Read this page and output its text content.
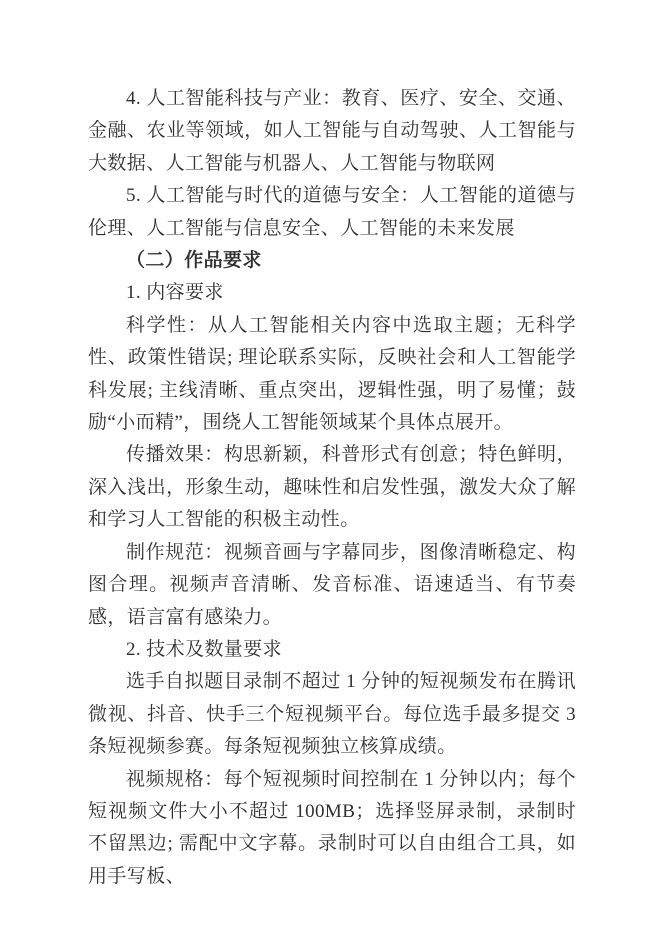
4. 人工智能科技与产业：教育、医疗、安全、交通、金融、农业等领域，如人工智能与自动驾驶、人工智能与大数据、人工智能与机器人、人工智能与物联网

5. 人工智能与时代的道德与安全：人工智能的道德与伦理、人工智能与信息安全、人工智能的未来发展

（二）作品要求

1. 内容要求

科学性：从人工智能相关内容中选取主题；无科学性、政策性错误; 理论联系实际，反映社会和人工智能学科发展; 主线清晰、重点突出，逻辑性强，明了易懂；鼓励“小而精”，围绕人工智能领域某个具体点展开。

传播效果：构思新颖，科普形式有创意；特色鲜明，深入浅出，形象生动，趣味性和启发性强，激发大众了解和学习人工智能的积极主动性。

制作规范：视频音画与字幕同步，图像清晰稳定、构图合理。视频声音清晰、发音标准、语速适当、有节奏感，语言富有感染力。

2. 技术及数量要求

选手自拟题目录制不超过 1 分钟的短视频发布在腾讯微视、抖音、快手三个短视频平台。每位选手最多提交 3 条短视频参赛。每条短视频独立核算成绩。

视频规格：每个短视频时间控制在 1 分钟以内；每个短视频文件大小不超过 100MB；选择竖屏录制，录制时不留黑边; 需配中文字幕。录制时可以自由组合工具，如用手写板、
